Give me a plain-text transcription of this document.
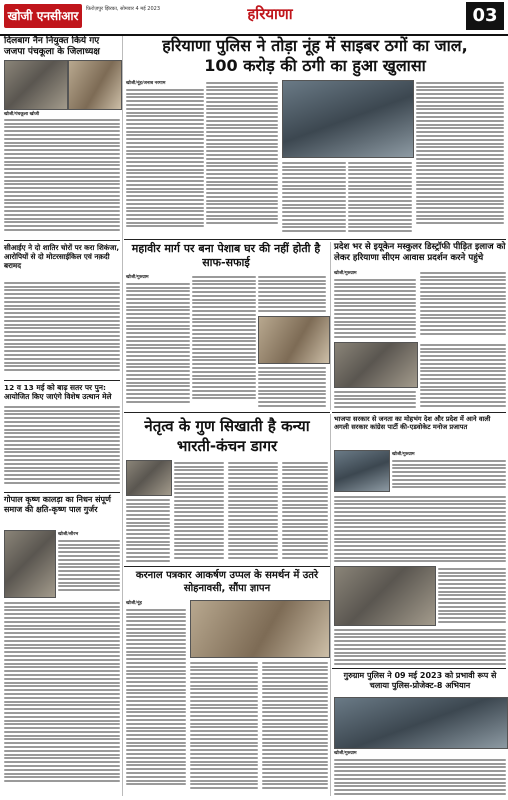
खोजी एनसीआर	फ़िरोज़पुर झिरका, सोमवार 4 मई 2023	हरियाणा	03
हरियाणा पुलिस ने तोड़ा नूंह में साइबर ठगों का जाल,
100 करोड़ की ठगी का हुआ खुलासा
दिलबाग नैन नियुक्त किये गए जजपा पंचकूला के जिलाध्यक्ष
खोजी/पंचकूला खोजी
सीआईए ने दो शातिर चोरों पर करा शिकंजा, आरोपियों से दो मोटरसाईकिल एवं नक़दी बरामद
12 व 13 मई को बाढ़ सतर पर पुन: आयोजित किए जाएंगे विशेष उत्थान मेले
गोपाल कृष्ण कालड़ा का निधन संपूर्ण समाज की क्षति-कृष्ण पाल गुर्जर
खोजी/सौरभ
खोजी/नूंह/जनाब नरगाम
महावीर मार्ग पर बना पेशाब घर की नहीं होती है साफ-सफाई
खोजी/गुरुग्राम
प्रदेश भर से इयूकेन मस्कुलर डिस्ट्रॉफी पीड़ित इलाज को लेकर हरियाणा सीएम आवास प्रदर्शन करने पहुंचे
खोजी/गुरुग्राम
भाजपा सरकार से जनता का मोहभंग देश और प्रदेश में आने वाली अगली सरकार कांग्रेस पार्टी की-एडवोकेट मनोज प्रजापत
खोजी/गुरुग्राम
नेतृत्व के गुण सिखाती है कन्या भारती-कंचन डागर
करनाल पत्रकार आकर्षण उप्पल के समर्थन में उतरे सोहनावसी, सौंपा ज्ञापन
खोजी/नूंह
गुरुग्राम पुलिस ने 09 मई 2023 को प्रभावी रूप से चलाया पुलिस-प्रोजेक्ट-8 अभियान
खोजी/गुरुग्राम
